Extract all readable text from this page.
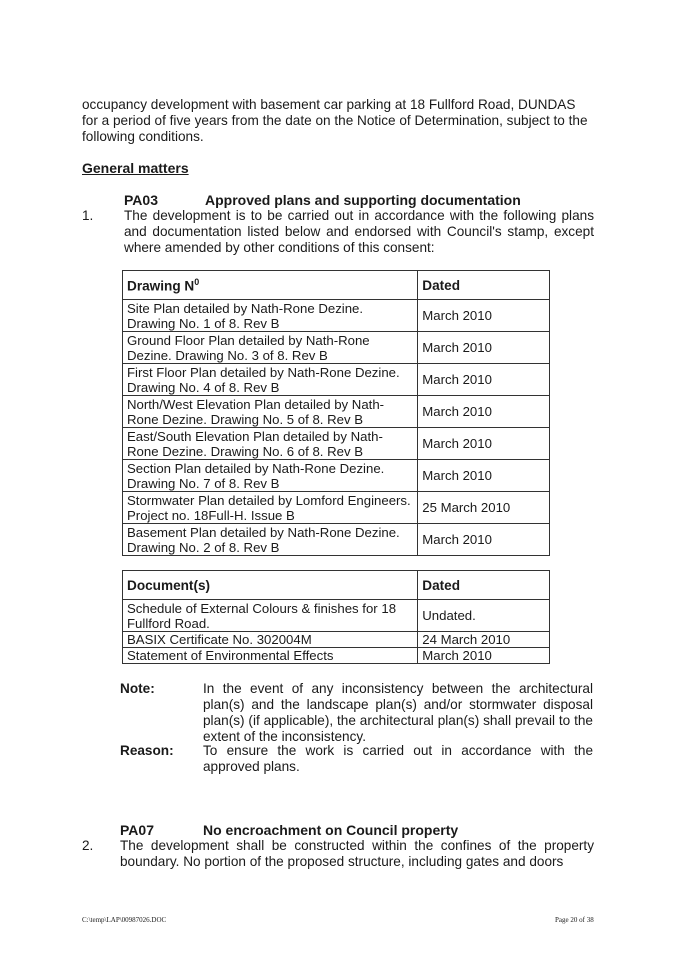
occupancy development with basement car parking at 18 Fullford Road, DUNDAS for a period of five years from the date on the Notice of Determination, subject to the following conditions.
General matters
PA03	Approved plans and supporting documentation
1. The development is to be carried out in accordance with the following plans and documentation listed below and endorsed with Council's stamp, except where amended by other conditions of this consent:
Drawing $N^0$	Dated
Site Plan detailed by Nath-Rone Dezine. Drawing No. 1 of 8. Rev B	March 2010
Ground Floor Plan detailed by Nath-Rone Dezine. Drawing No. 3 of 8. Rev B	March 2010
First Floor Plan detailed by Nath-Rone Dezine. Drawing No. 4 of 8. Rev B	March 2010
North/West Elevation Plan detailed by Nath-Rone Dezine. Drawing No. 5 of 8. Rev B	March 2010
East/South Elevation Plan detailed by Nath-Rone Dezine. Drawing No. 6 of 8. Rev B	March 2010
Section Plan detailed by Nath-Rone Dezine. Drawing No. 7 of 8. Rev B	March 2010
Stormwater Plan detailed by Lomford Engineers. Project no. 18Full-H. Issue B	25 March 2010
Basement Plan detailed by Nath-Rone Dezine. Drawing No. 2 of 8. Rev B	March 2010
Document(s)	Dated
Schedule of External Colours & finishes for 18 Fullford Road.	Undated.
BASIX Certificate No. 302004M	24 March 2010
Statement of Environmental Effects	March 2010
Note:	In the event of any inconsistency between the architectural plan(s) and the landscape plan(s) and/or stormwater disposal plan(s) (if applicable), the architectural plan(s) shall prevail to the extent of the inconsistency.
Reason: To ensure the work is carried out in accordance with the approved plans.
PA07	No encroachment on Council property
2. The development shall be constructed within the confines of the property boundary. No portion of the proposed structure, including gates and doors
C:\temp\LAP\00987026.DOC	Page 20 of 38
